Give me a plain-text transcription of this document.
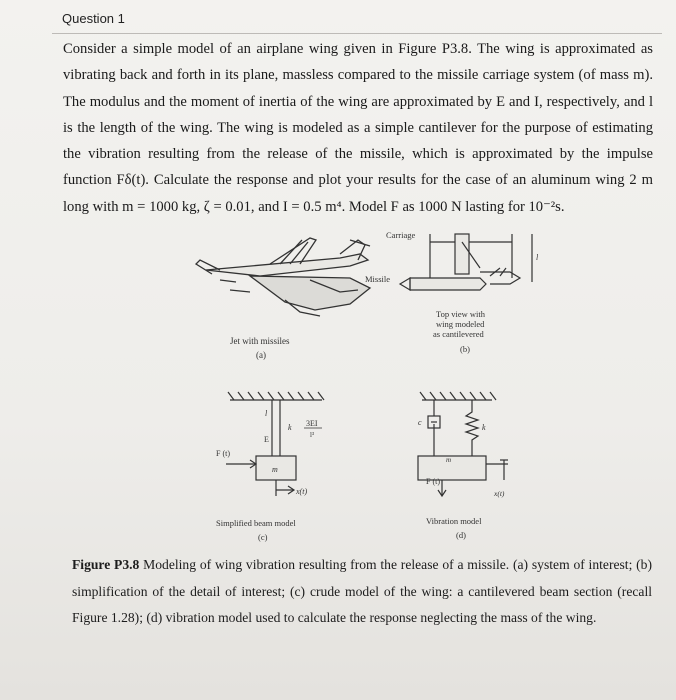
Question 1
Consider a simple model of an airplane wing given in Figure P3.8. The wing is approximated as vibrating back and forth in its plane, massless compared to the missile carriage system (of mass m). The modulus and the moment of inertia of the wing are approximated by E and I, respectively, and l is the length of the wing. The wing is modeled as a simple cantilever for the purpose of estimating the vibration resulting from the release of the missile, which is approximated by the impulse function Fδ(t). Calculate the response and plot your results for the case of an aluminum wing 2 m long with m = 1000 kg, ζ = 0.01, and I = 0.5 m⁴. Model F as 1000 N lasting for 10⁻²s.
Jet with missiles
(a)
Carriage
Missile
l
Top view with
wing modeled
as cantilevered
(b)
l
E
k 3EI
l³
F (t)
m
x(t)
Simplified beam model
(c)
c
k
m
F (t)
x(t)
Vibration model
(d)
Figure P3.8 Modeling of wing vibration resulting from the release of a missile. (a) system of interest; (b) simplification of the detail of interest; (c) crude model of the wing: a cantilevered beam section (recall Figure 1.28); (d) vibration model used to calculate the response neglecting the mass of the wing.
